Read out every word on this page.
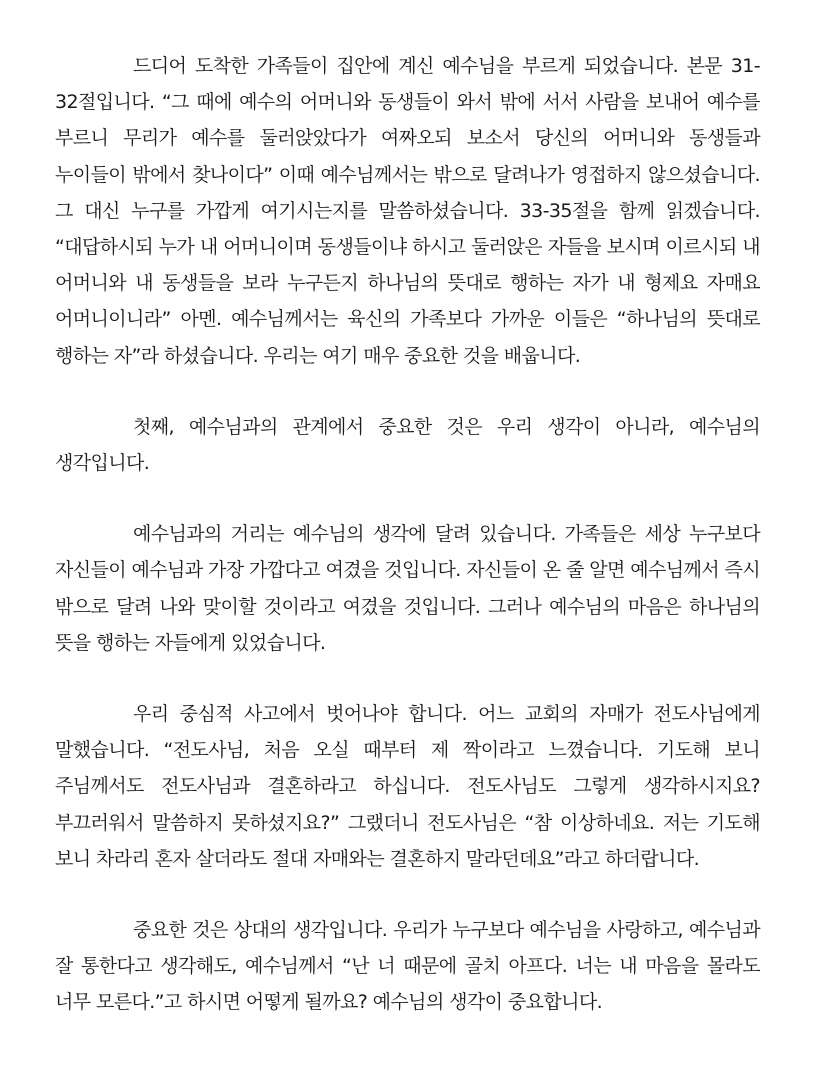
드디어 도착한 가족들이 집안에 계신 예수님을 부르게 되었습니다. 본문 31-32절입니다. “그 때에 예수의 어머니와 동생들이 와서 밖에 서서 사람을 보내어 예수를 부르니 무리가 예수를 둘러앉았다가 여짜오되 보소서 당신의 어머니와 동생들과 누이들이 밖에서 찾나이다” 이때 예수님께서는 밖으로 달려나가 영접하지 않으셨습니다. 그 대신 누구를 가깝게 여기시는지를 말씀하셨습니다. 33-35절을 함께 읽겠습니다. “대답하시되 누가 내 어머니이며 동생들이냐 하시고 둘러앉은 자들을 보시며 이르시되 내 어머니와 내 동생들을 보라 누구든지 하나님의 뜻대로 행하는 자가 내 형제요 자매요 어머니이니라” 아멘. 예수님께서는 육신의 가족보다 가까운 이들은 “하나님의 뜻대로 행하는 자”라 하셨습니다. 우리는 여기 매우 중요한 것을 배웁니다.

첫째, 예수님과의 관계에서 중요한 것은 우리 생각이 아니라, 예수님의 생각입니다.

예수님과의 거리는 예수님의 생각에 달려 있습니다. 가족들은 세상 누구보다 자신들이 예수님과 가장 가깝다고 여겼을 것입니다. 자신들이 온 줄 알면 예수님께서 즉시 밖으로 달려 나와 맞이할 것이라고 여겼을 것입니다. 그러나 예수님의 마음은 하나님의 뜻을 행하는 자들에게 있었습니다.

우리 중심적 사고에서 벗어나야 합니다. 어느 교회의 자매가 전도사님에게 말했습니다. “전도사님, 처음 오실 때부터 제 짝이라고 느꼈습니다. 기도해 보니 주님께서도 전도사님과 결혼하라고 하십니다. 전도사님도 그렇게 생각하시지요? 부끄러워서 말씀하지 못하셨지요?” 그랬더니 전도사님은 “참 이상하네요. 저는 기도해 보니 차라리 혼자 살더라도 절대 자매와는 결혼하지 말라던데요”라고 하더랍니다.

중요한 것은 상대의 생각입니다. 우리가 누구보다 예수님을 사랑하고, 예수님과 잘 통한다고 생각해도, 예수님께서 “난 너 때문에 골치 아프다. 너는 내 마음을 몰라도 너무 모른다.”고 하시면 어떻게 될까요? 예수님의 생각이 중요합니다.
